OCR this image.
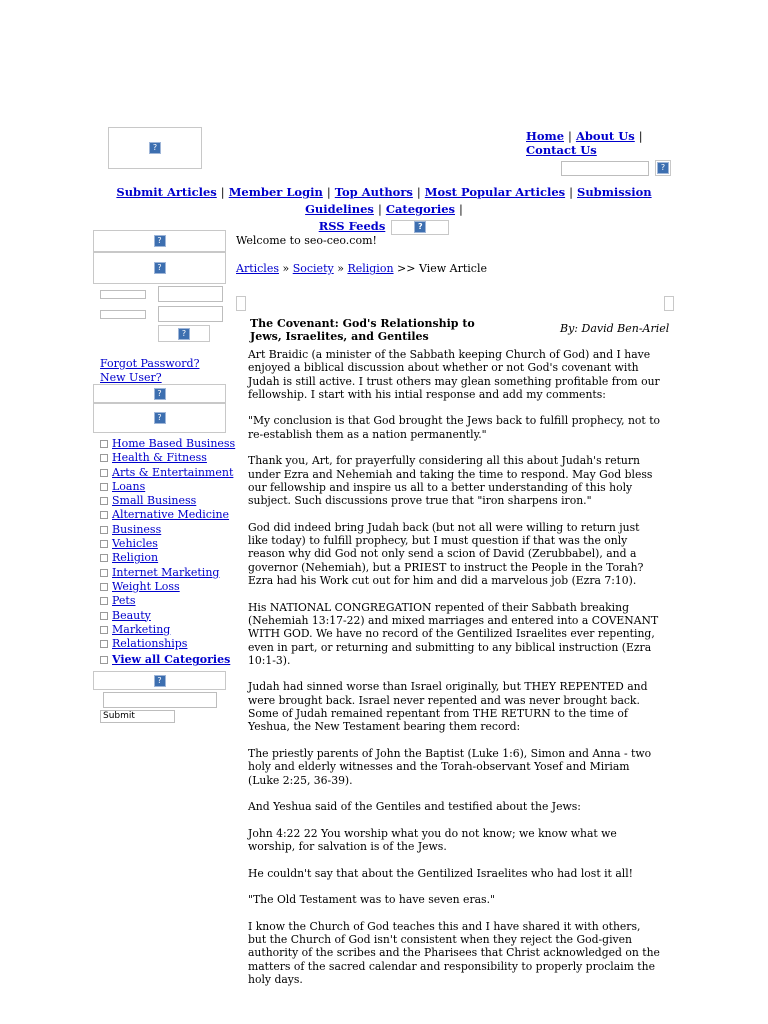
?
Home | About Us | Contact Us
?
Submit Articles | Member Login | Top Authors | Most Popular Articles | Submission Guidelines | Categories |
RSS Feeds	?
?
?
?
Forgot Password?    New User?
?
?
Home Based Business
Health & Fitness
Arts & Entertainment
Loans
Small Business
Alternative Medicine
Business
Vehicles
Religion
Internet Marketing
Weight Loss
Pets
Beauty
Marketing
Relationships
View all Categories
?
Submit
Welcome to seo-ceo.com!
Articles » Society » Religion >> View Article
The Covenant: God's Relationship to Jews, Israelites, and Gentiles
By: David Ben-Ariel

Art Braidic (a minister of the Sabbath keeping Church of God) and I have enjoyed a biblical discussion about whether or not God's covenant with Judah is still active. I trust others may glean something profitable from our fellowship. I start with his intial response and add my comments:

"My conclusion is that God brought the Jews back to fulfill prophecy, not to re-establish them as a nation permanently."

Thank you, Art, for prayerfully considering all this about Judah's return under Ezra and Nehemiah and taking the time to respond. May God bless our fellowship and inspire us all to a better understanding of this holy subject. Such discussions prove true that "iron sharpens iron."

God did indeed bring Judah back (but not all were willing to return just like today) to fulfill prophecy, but I must question if that was the only reason why did God not only send a scion of David (Zerubbabel), and a governor (Nehemiah), but a PRIEST to instruct the People in the Torah? Ezra had his Work cut out for him and did a marvelous job (Ezra 7:10).

His NATIONAL CONGREGATION repented of their Sabbath breaking (Nehemiah 13:17-22) and mixed marriages and entered into a COVENANT WITH GOD. We have no record of the Gentilized Israelites ever repenting, even in part, or returning and submitting to any biblical instruction (Ezra 10:1-3).

Judah had sinned worse than Israel originally, but THEY REPENTED and were brought back. Israel never repented and was never brought back. Some of Judah remained repentant from THE RETURN to the time of Yeshua, the New Testament bearing them record:

The priestly parents of John the Baptist (Luke 1:6), Simon and Anna - two holy and elderly witnesses and the Torah-observant Yosef and Miriam (Luke 2:25, 36-39).

And Yeshua said of the Gentiles and testified about the Jews:

John 4:22 22 You worship what you do not know; we know what we worship, for salvation is of the Jews.

He couldn't say that about the Gentilized Israelites who had lost it all!

"The Old Testament was to have seven eras."

I know the Church of God teaches this and I have shared it with others, but the Church of God isn't consistent when they reject the God-given authority of the scribes and the Pharisees that Christ acknowledged on the matters of the sacred calendar and responsibility to properly proclaim the holy days.
